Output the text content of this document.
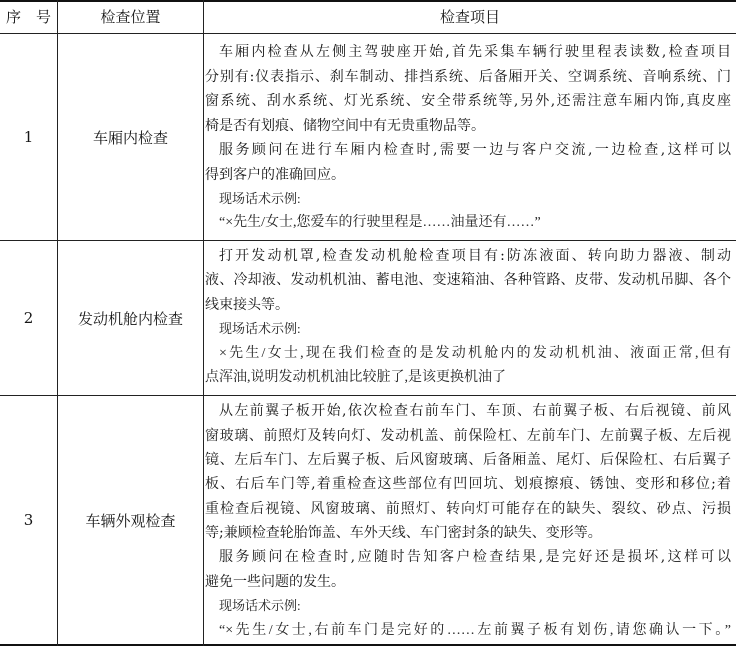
序　号	检查位置	检查项目
1	车厢内检查
车厢内检查从左侧主驾驶座开始,首先采集车辆行驶里程表读数,检查项目
分别有:仪表指示、刹车制动、排挡系统、后备厢开关、空调系统、音响系统、门
窗系统、刮水系统、灯光系统、安全带系统等,另外,还需注意车厢内饰,真皮座
椅是否有划痕、储物空间中有无贵重物品等。
服务顾问在进行车厢内检查时,需要一边与客户交流,一边检查,这样可以
得到客户的准确回应。
现场话术示例:
“×先生/女士,您爱车的行驶里程是……油量还有……”
2	发动机舱内检查
打开发动机罩,检查发动机舱检查项目有:防冻液面、转向助力器液、制动
液、冷却液、发动机机油、蓄电池、变速箱油、各种管路、皮带、发动机吊脚、各个
线束接头等。
现场话术示例:
×先生/女士,现在我们检查的是发动机舱内的发动机机油、液面正常,但有
点浑油,说明发动机机油比较脏了,是该更换机油了
3	车辆外观检查
从左前翼子板开始,依次检查右前车门、车顶、右前翼子板、右后视镜、前风
窗玻璃、前照灯及转向灯、发动机盖、前保险杠、左前车门、左前翼子板、左后视
镜、左后车门、左后翼子板、后风窗玻璃、后备厢盖、尾灯、后保险杠、右后翼子
板、右后车门等,着重检查这些部位有凹回坑、划痕擦痕、锈蚀、变形和移位;着
重检查后视镜、风窗玻璃、前照灯、转向灯可能存在的缺失、裂纹、砂点、污损
等;兼顾检查轮胎饰盖、车外天线、车门密封条的缺失、变形等。
服务顾问在检查时,应随时告知客户检查结果,是完好还是损坏,这样可以
避免一些问题的发生。
现场话术示例:
“×先生/女士,右前车门是完好的……左前翼子板有划伤,请您确认一下。”
